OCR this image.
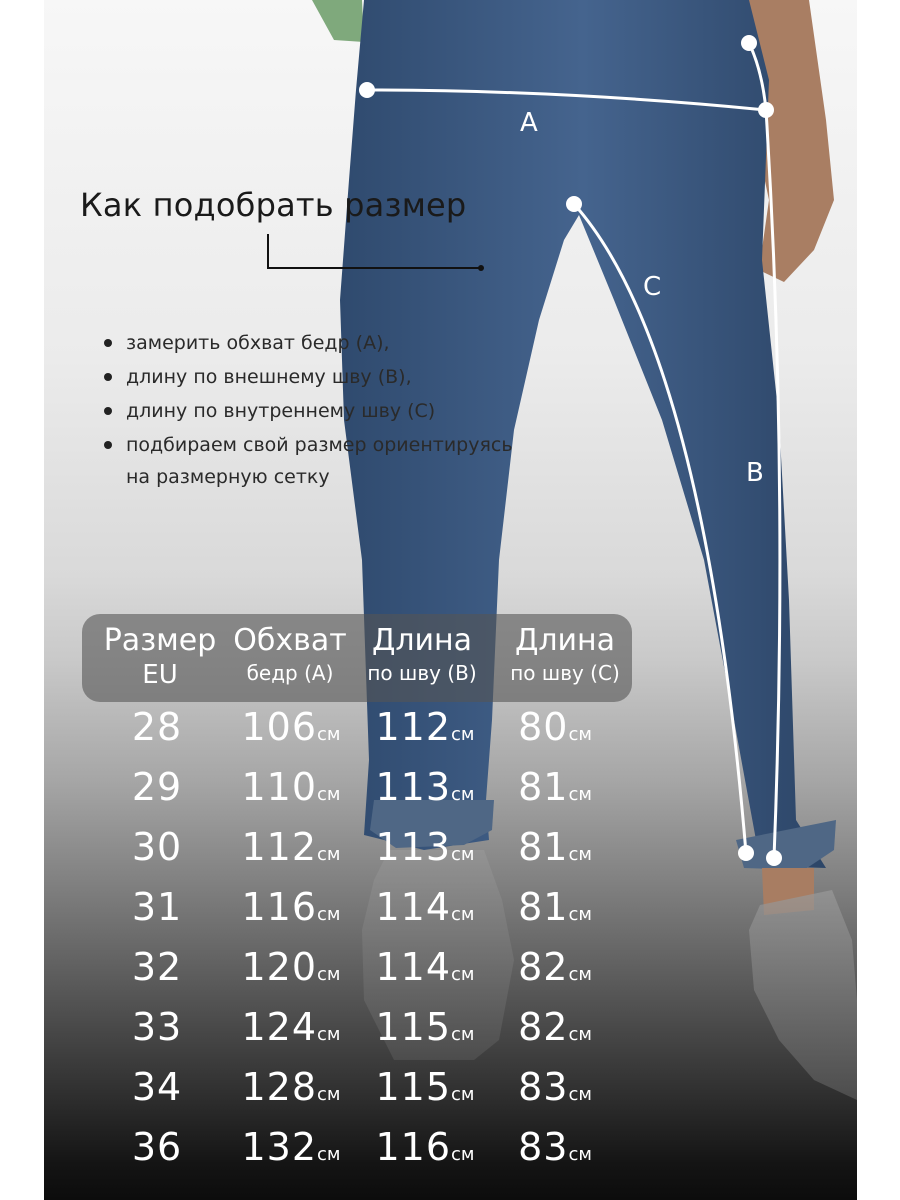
A
C
B
Как подобрать размер
замерить обхват бедр (А),
длину по внешнему шву (В),
длину по внутреннему шву (С)
подбираем свой размер ориентируясь на размерную сетку
Размер
EU
Обхват
бедр (А)
Длина
по шву (В)
Длина
по шву (С)
28	106см 112см	80см
29	110см 113см	81см
30	112см 113см	81см
31	116см 114см	81см
32	120см 114см	82см
33	124см 115см	82см
34	128см 115см	83см
36	132см 116см	83см
